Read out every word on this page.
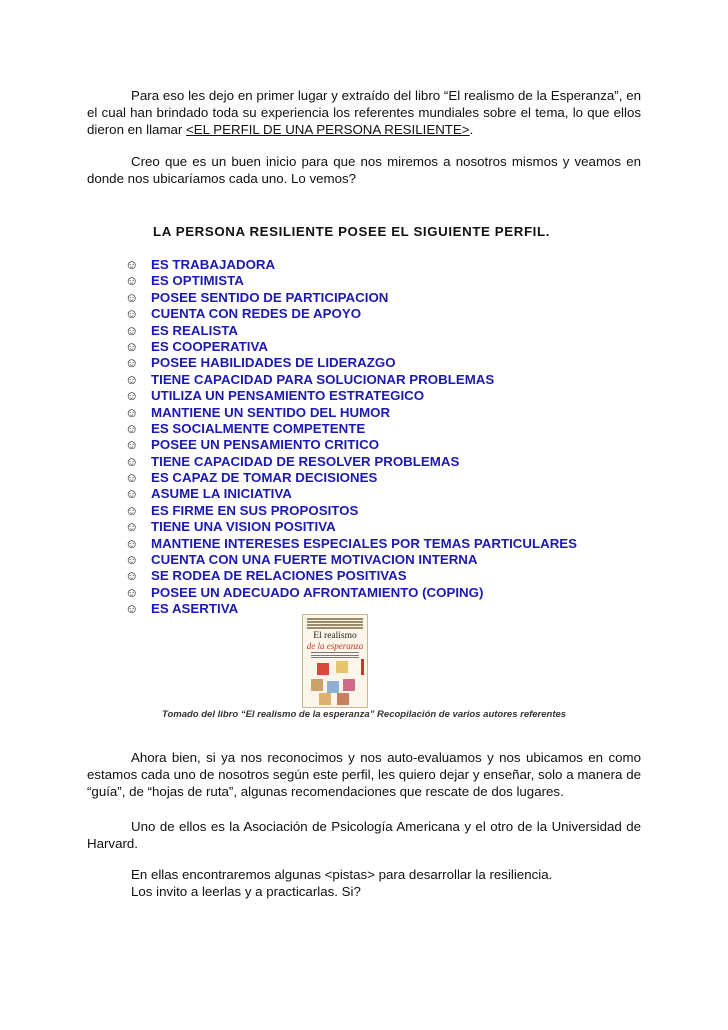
Para eso les dejo en primer lugar y extraído del libro “El realismo de la Esperanza”, en el cual han brindado toda su experiencia los referentes mundiales sobre el tema, lo que ellos dieron en llamar <EL PERFIL DE UNA PERSONA RESILIENTE>.

Creo que es un buen inicio para que nos miremos a nosotros mismos y veamos en donde nos ubicaríamos cada uno. Lo vemos?

LA PERSONA RESILIENTE POSEE EL SIGUIENTE PERFIL.
☺ ES TRABAJADORA
☺ ES OPTIMISTA
☺ POSEE SENTIDO DE PARTICIPACION
☺ CUENTA CON REDES DE APOYO
☺ ES REALISTA
☺ ES COOPERATIVA
☺ POSEE HABILIDADES DE LIDERAZGO
☺ TIENE CAPACIDAD PARA SOLUCIONAR PROBLEMAS
☺ UTILIZA UN PENSAMIENTO ESTRATEGICO
☺ MANTIENE UN SENTIDO DEL HUMOR
☺ ES SOCIALMENTE COMPETENTE
☺ POSEE UN PENSAMIENTO CRITICO
☺ TIENE CAPACIDAD DE RESOLVER PROBLEMAS
☺ ES CAPAZ DE TOMAR DECISIONES
☺ ASUME LA INICIATIVA
☺ ES FIRME EN SUS PROPOSITOS
☺ TIENE UNA VISION POSITIVA
☺ MANTIENE INTERESES ESPECIALES POR TEMAS PARTICULARES
☺ CUENTA CON UNA FUERTE MOTIVACION INTERNA
☺ SE RODEA DE RELACIONES POSITIVAS
☺ POSEE UN ADECUADO AFRONTAMIENTO (COPING)
☺ ES ASERTIVA
El realismo
de la esperanza
Tomado del libro “El realismo de la esperanza” Recopilación de varios autores referentes

Ahora bien, si ya nos reconocimos y nos auto-evaluamos y nos ubicamos en como estamos cada uno de nosotros según este perfil, les quiero dejar y enseñar, solo a manera de “guía”, de “hojas de ruta”, algunas recomendaciones que rescate de dos lugares.

Uno de ellos es la Asociación de Psicología Americana y el otro de la Universidad de Harvard.

En ellas encontraremos algunas <pistas> para desarrollar la resiliencia.

Los invito a leerlas y a practicarlas. Si?
